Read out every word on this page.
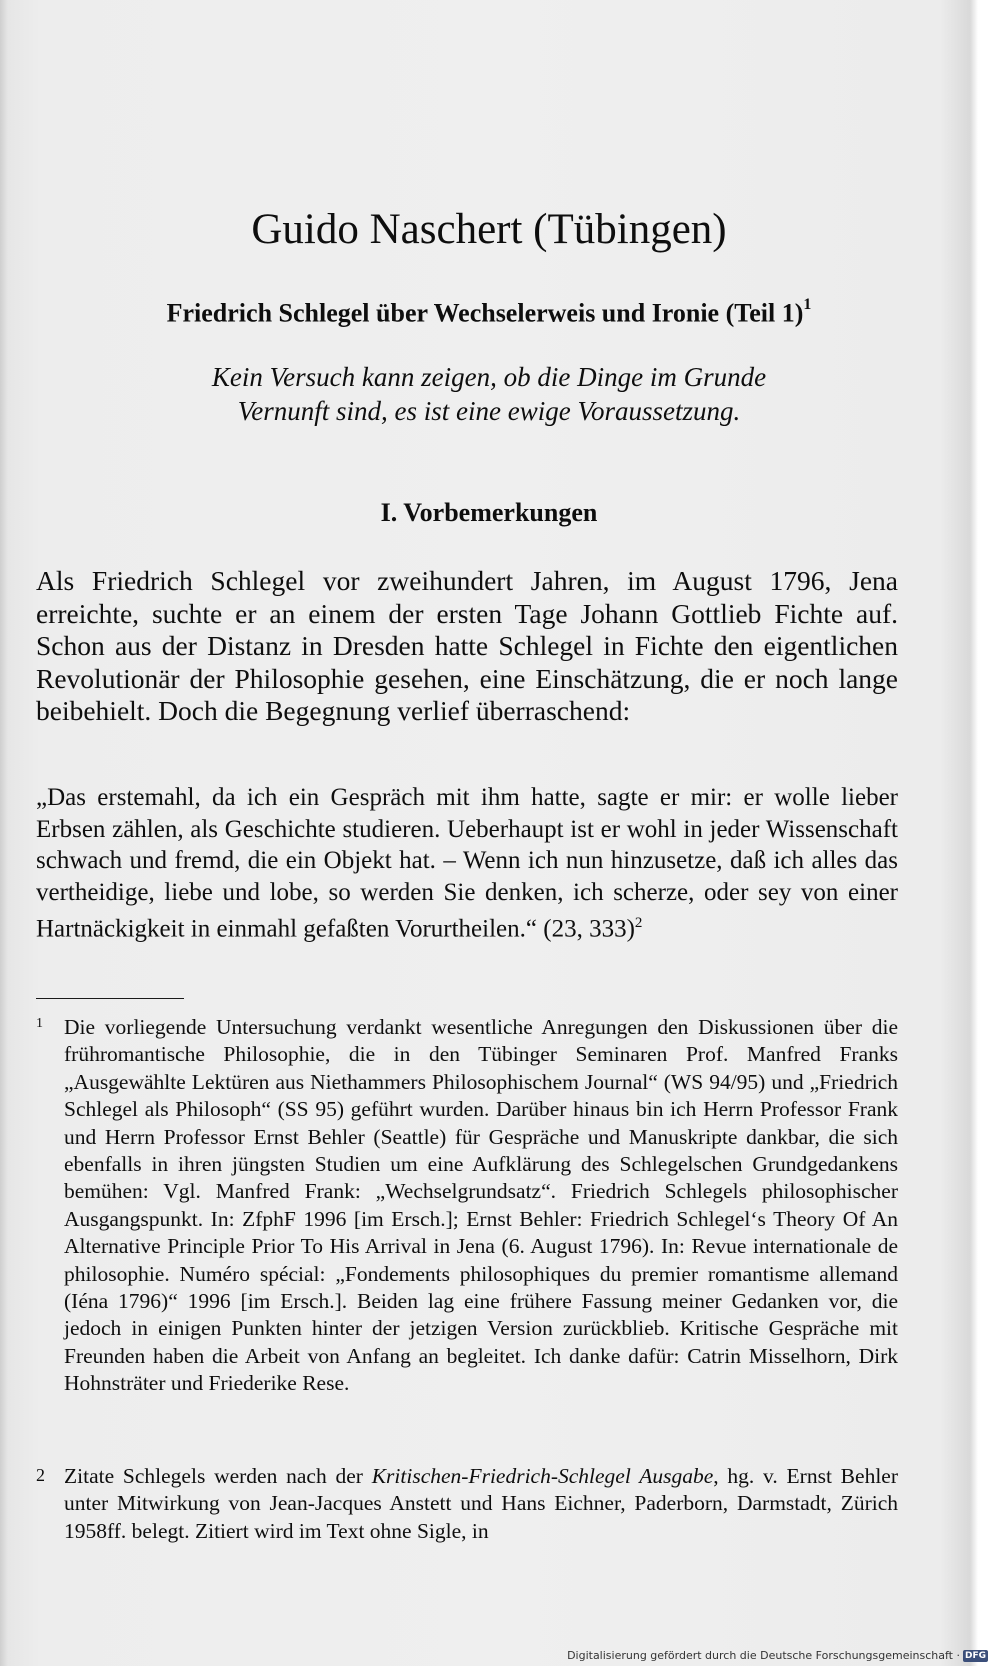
Guido Naschert (Tübingen)
Friedrich Schlegel über Wechselerweis und Ironie (Teil 1)$^1$
Kein Versuch kann zeigen, ob die Dinge im Grunde
Vernunft sind, es ist eine ewige Voraussetzung.
I. Vorbemerkungen
Als Friedrich Schlegel vor zweihundert Jahren, im August 1796, Jena erreichte, suchte er an einem der ersten Tage Johann Gottlieb Fichte auf. Schon aus der Distanz in Dresden hatte Schlegel in Fichte den eigentlichen Revolutionär der Philosophie gesehen, eine Einschätzung, die er noch lange beibehielt. Doch die Begegnung verlief überraschend:
„Das erstemahl, da ich ein Gespräch mit ihm hatte, sagte er mir: er wolle lieber Erbsen zählen, als Geschichte studieren. Ueberhaupt ist er wohl in jeder Wissenschaft schwach und fremd, die ein Objekt hat. – Wenn ich nun hinzusetze, daß ich alles das vertheidige, liebe und lobe, so werden Sie denken, ich scherze, oder sey von einer Hartnäckigkeit in einmahl gefaßten Vorurtheilen.“ (23, 333)$^2$
1 Die vorliegende Untersuchung verdankt wesentliche Anregungen den Diskussionen über die frühromantische Philosophie, die in den Tübinger Seminaren Prof. Manfred Franks „Ausgewählte Lektüren aus Niethammers Philosophischem Journal“ (WS 94/95) und „Friedrich Schlegel als Philosoph“ (SS 95) geführt wurden. Darüber hinaus bin ich Herrn Professor Frank und Herrn Professor Ernst Behler (Seattle) für Gespräche und Manuskripte dankbar, die sich ebenfalls in ihren jüngsten Studien um eine Aufklärung des Schlegelschen Grundgedankens bemühen: Vgl. Manfred Frank: „Wechselgrundsatz“. Friedrich Schlegels philosophischer Ausgangspunkt. In: ZfphF 1996 [im Ersch.]; Ernst Behler: Friedrich Schlegel‘s Theory Of An Alternative Principle Prior To His Arrival in Jena (6. August 1796). In: Revue internationale de philosophie. Numéro spécial: „Fondements philosophiques du premier romantisme allemand (Iéna 1796)“ 1996 [im Ersch.]. Beiden lag eine frühere Fassung meiner Gedanken vor, die jedoch in einigen Punkten hinter der jetzigen Version zurückblieb. Kritische Gespräche mit Freunden haben die Arbeit von Anfang an begleitet. Ich danke dafür: Catrin Misselhorn, Dirk Hohnsträter und Friederike Rese.
2 Zitate Schlegels werden nach der Kritischen-Friedrich-Schlegel Ausgabe, hg. v. Ernst Behler unter Mitwirkung von Jean-Jacques Anstett und Hans Eichner, Paderborn, Darmstadt, Zürich 1958ff. belegt. Zitiert wird im Text ohne Sigle, in
Digitalisierung gefördert durch die Deutsche Forschungsgemeinschaft · DFG
